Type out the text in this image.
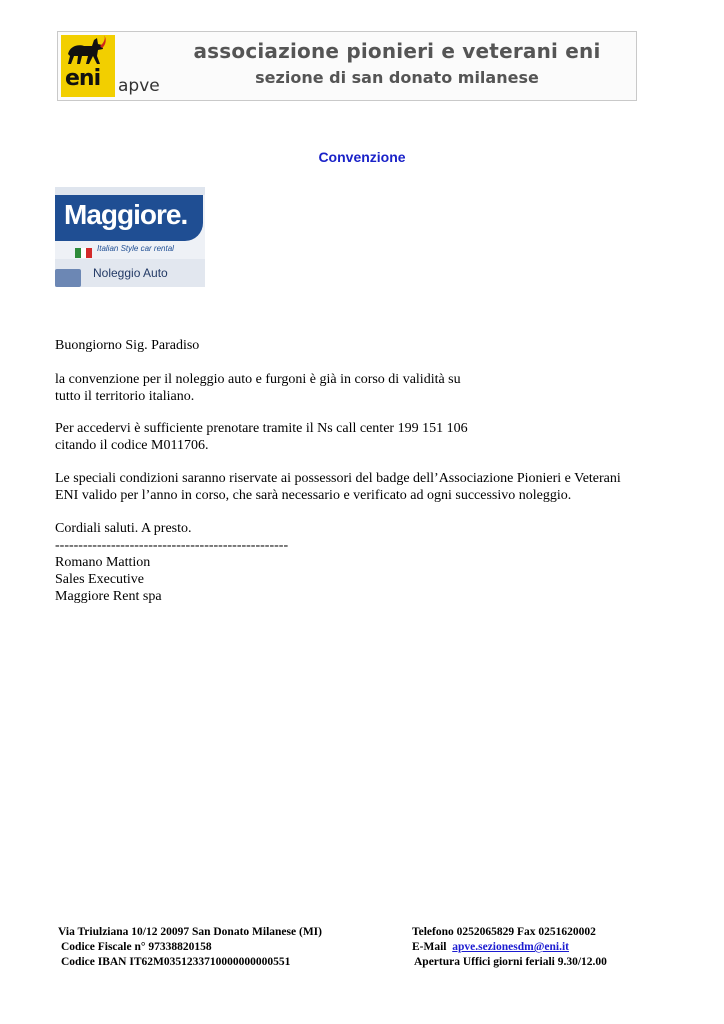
eni apve
associazione pionieri e veterani eni
sezione di san donato milanese
Convenzione
Maggiore.
Italian Style car rental
Noleggio Auto

Buongiorno Sig. Paradiso

la convenzione per il noleggio auto e furgoni è già in corso di validità su
tutto il territorio italiano.
Per accedervi è sufficiente prenotare tramite il Ns call center 199 151 106
citando il codice M011706.
Le speciali condizioni saranno riservate ai possessori del badge dell’Associazione Pionieri e Veterani
ENI valido per l’anno in corso, che sarà necessario e verificato ad ogni successivo noleggio.

Cordiali saluti. A presto.

--------------------------------------------------

Romano Mattion

Sales Executive

Maggiore Rent spa

Via Triulziana 10/12 20097 San Donato Milanese (MI)
Codice Fiscale n° 97338820158
Codice IBAN IT62M0351233710000000000551
Telefono 0252065829 Fax 0251620002
E-Mail apve.sezionesdm@eni.it
Apertura Uffici giorni feriali 9.30/12.00
